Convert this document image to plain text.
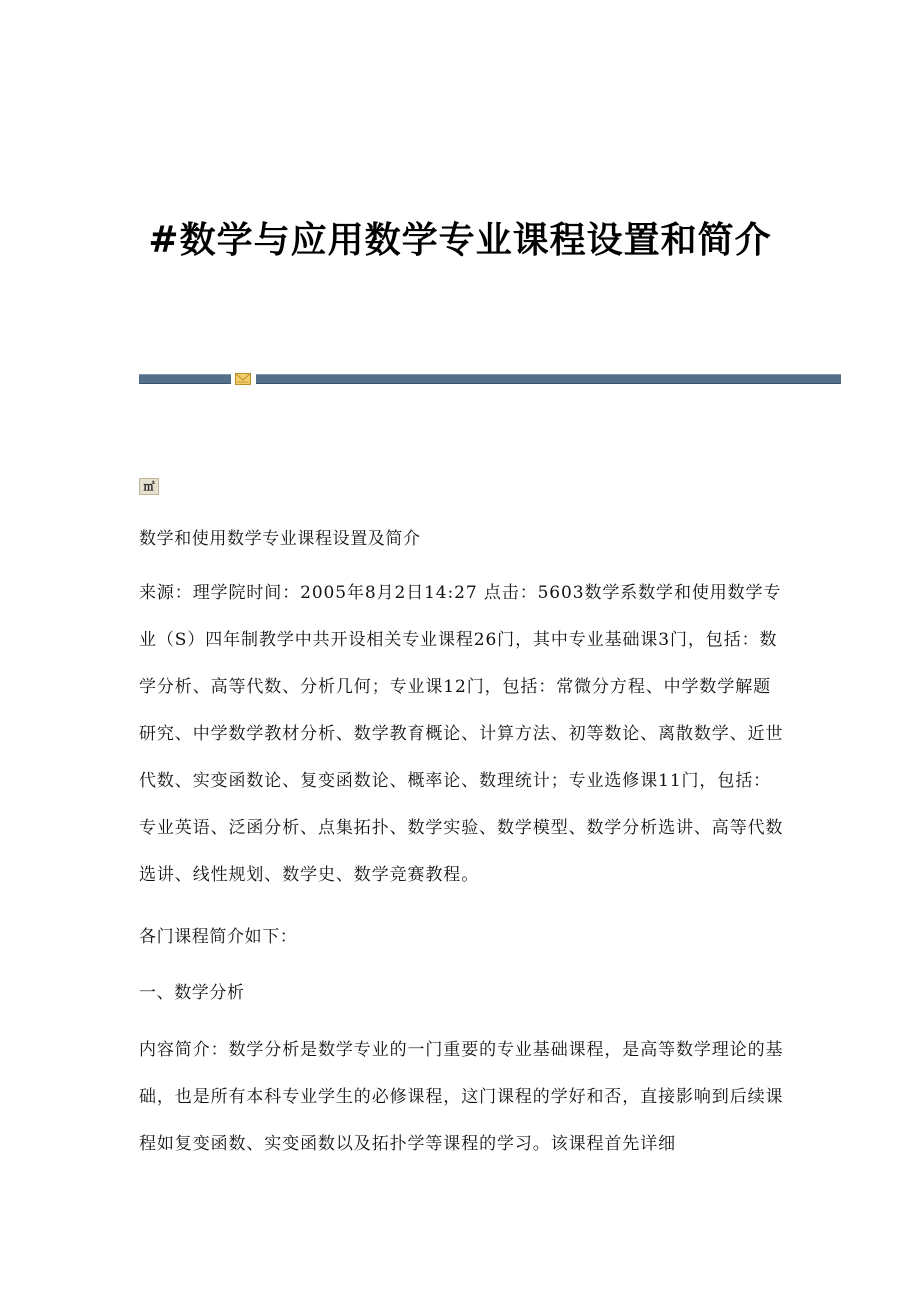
#数学与应用数学专业课程设置和简介
㎡

数学和使用数学专业课程设置及简介

来源：理学院时间：2005年8月2日14:27 点击：5603数学系数学和使用数学专业（S）四年制教学中共开设相关专业课程26门，其中专业基础课3门，包括：数学分析、高等代数、分析几何；专业课12门，包括：常微分方程、中学数学解题研究、中学数学教材分析、数学教育概论、计算方法、初等数论、离散数学、近世代数、实变函数论、复变函数论、概率论、数理统计；专业选修课11门，包括：专业英语、泛函分析、点集拓扑、数学实验、数学模型、数学分析选讲、高等代数选讲、线性规划、数学史、数学竞赛教程。

各门课程简介如下：

一、数学分析

内容简介：数学分析是数学专业的一门重要的专业基础课程，是高等数学理论的基础，也是所有本科专业学生的必修课程，这门课程的学好和否，直接影响到后续课程如复变函数、实变函数以及拓扑学等课程的学习。该课程首先详细
